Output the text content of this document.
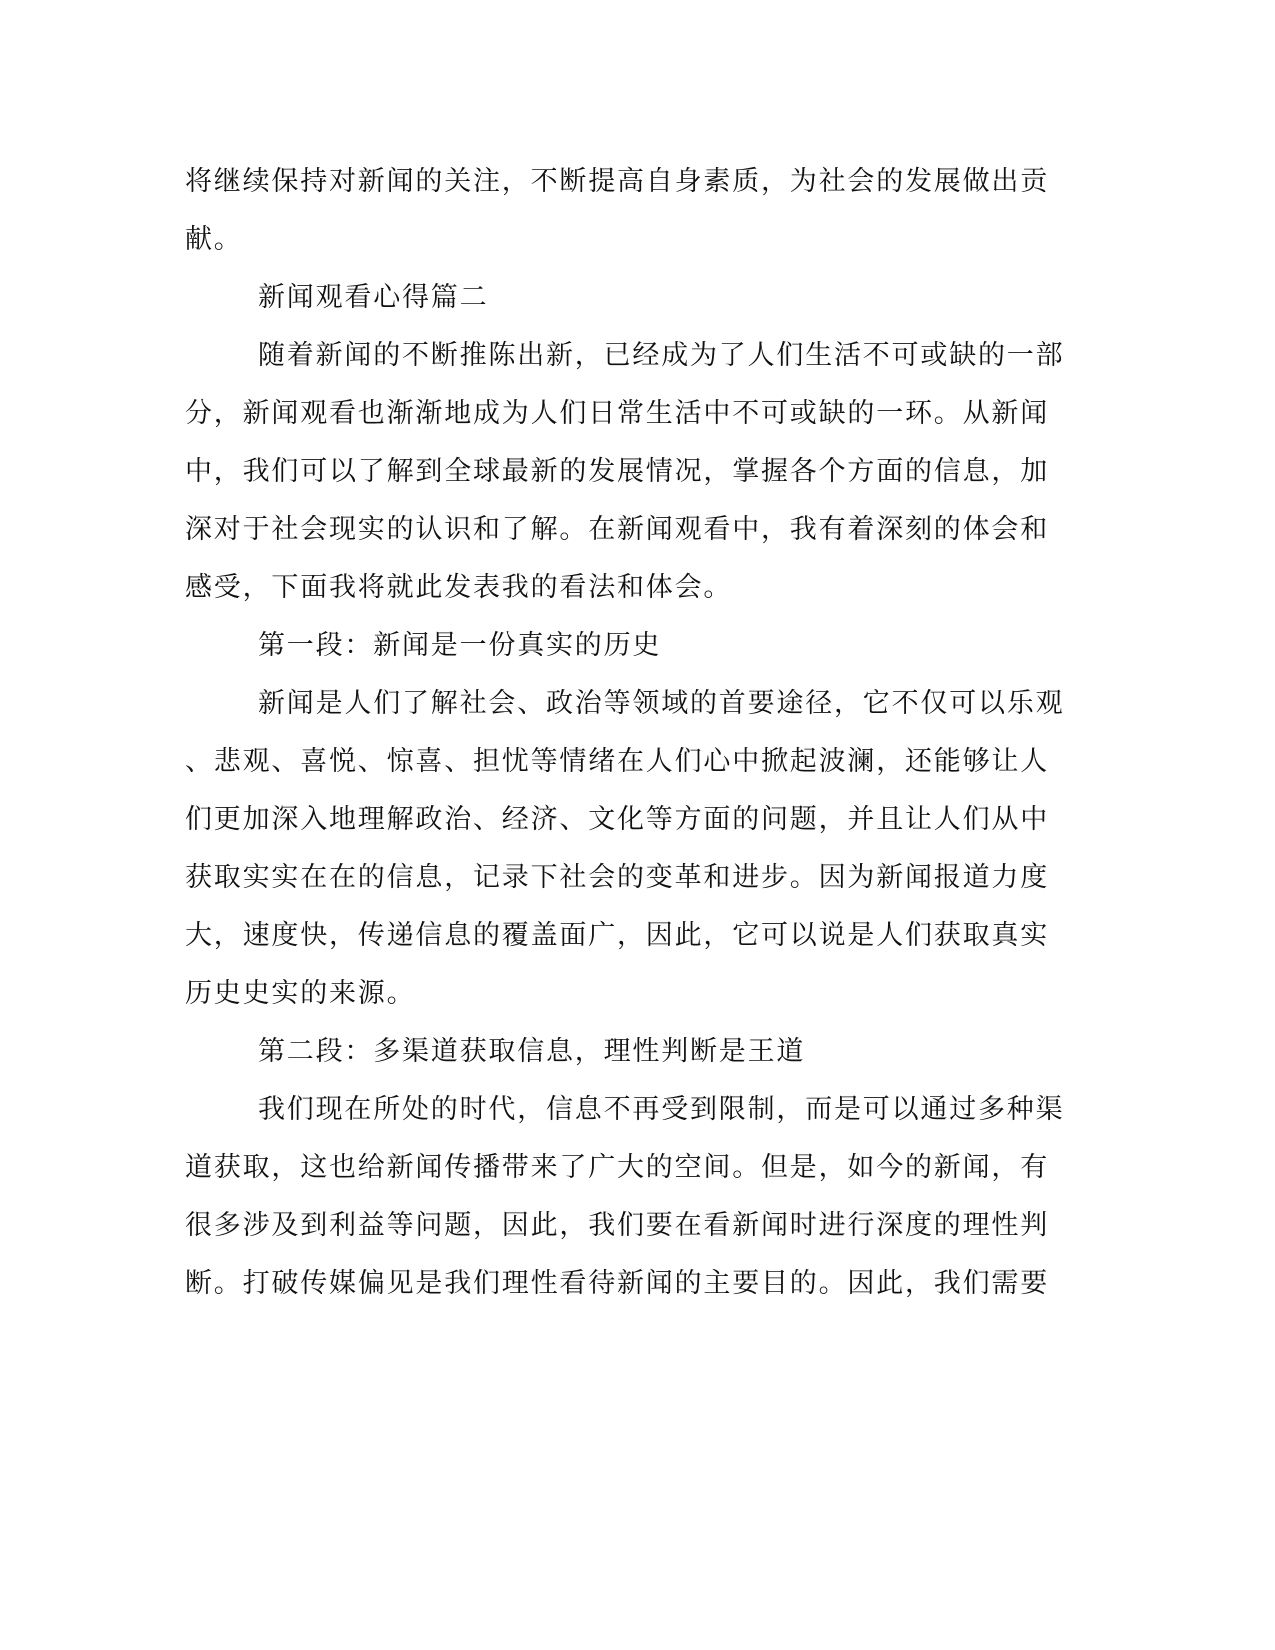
将继续保持对新闻的关注，不断提高自身素质，为社会的发展做出贡
献。
新闻观看心得篇二
随着新闻的不断推陈出新，已经成为了人们生活不可或缺的一部
分，新闻观看也渐渐地成为人们日常生活中不可或缺的一环。从新闻
中，我们可以了解到全球最新的发展情况，掌握各个方面的信息，加
深对于社会现实的认识和了解。在新闻观看中，我有着深刻的体会和
感受，下面我将就此发表我的看法和体会。
第一段：新闻是一份真实的历史
新闻是人们了解社会、政治等领域的首要途径，它不仅可以乐观
、悲观、喜悦、惊喜、担忧等情绪在人们心中掀起波澜，还能够让人
们更加深入地理解政治、经济、文化等方面的问题，并且让人们从中
获取实实在在的信息，记录下社会的变革和进步。因为新闻报道力度
大，速度快，传递信息的覆盖面广，因此，它可以说是人们获取真实
历史史实的来源。
第二段：多渠道获取信息，理性判断是王道
我们现在所处的时代，信息不再受到限制，而是可以通过多种渠
道获取，这也给新闻传播带来了广大的空间。但是，如今的新闻，有
很多涉及到利益等问题，因此，我们要在看新闻时进行深度的理性判
断。打破传媒偏见是我们理性看待新闻的主要目的。因此，我们需要
